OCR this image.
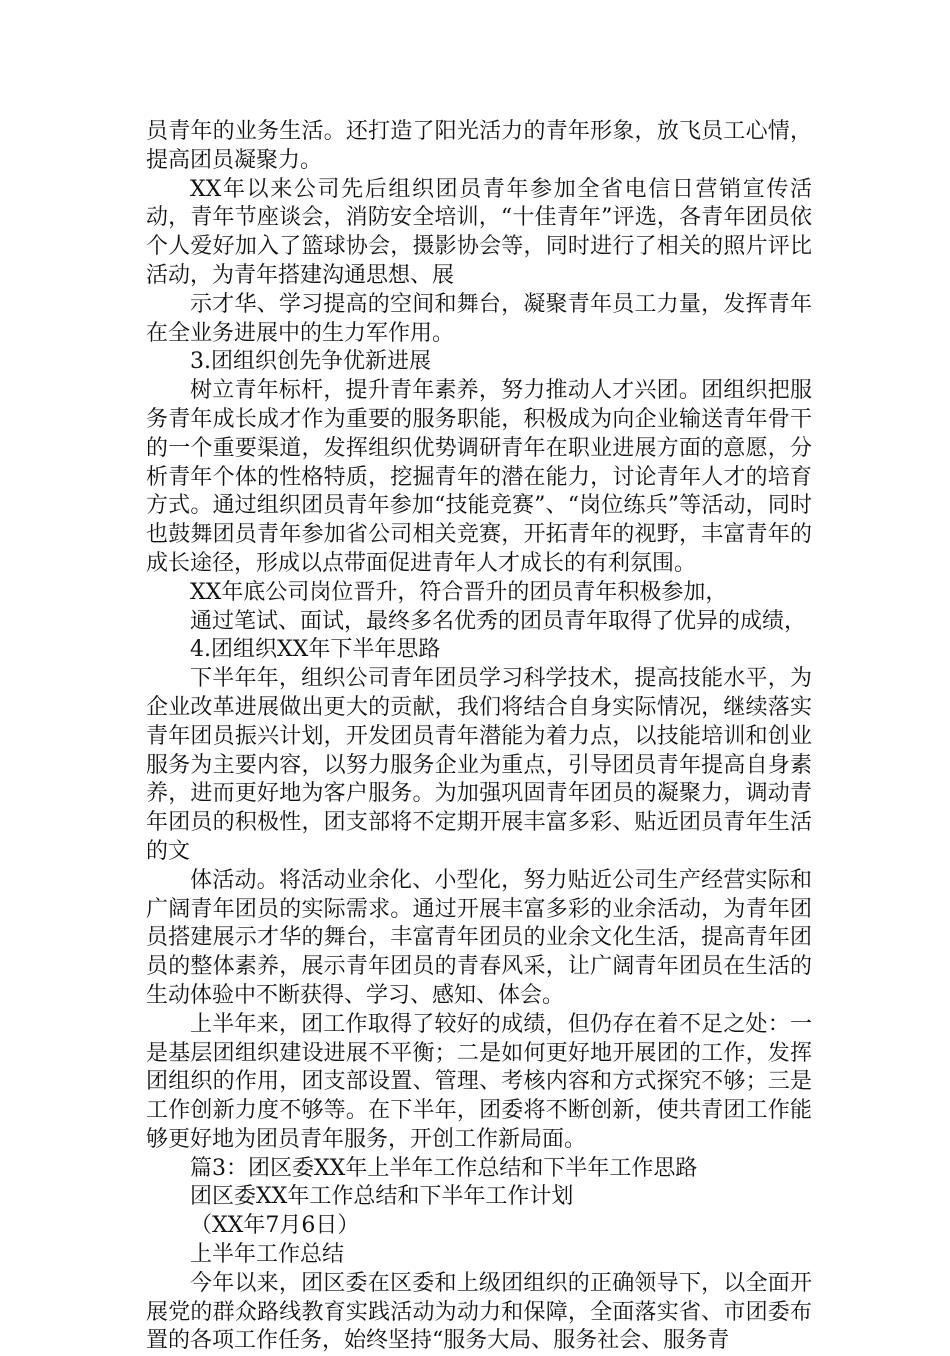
员青年的业务生活。还打造了阳光活力的青年形象，放飞员工心情，提高团员凝聚力。

XX年以来公司先后组织团员青年参加全省电信日营销宣传活动，青年节座谈会，消防安全培训，“十佳青年”评选，各青年团员依个人爱好加入了篮球协会，摄影协会等，同时进行了相关的照片评比活动，为青年搭建沟通思想、展

示才华、学习提高的空间和舞台，凝聚青年员工力量，发挥青年在全业务进展中的生力军作用。

3.团组织创先争优新进展

树立青年标杆，提升青年素养，努力推动人才兴团。团组织把服务青年成长成才作为重要的服务职能，积极成为向企业输送青年骨干的一个重要渠道，发挥组织优势调研青年在职业进展方面的意愿，分析青年个体的性格特质，挖掘青年的潜在能力，讨论青年人才的培育方式。通过组织团员青年参加“技能竞赛”、“岗位练兵”等活动，同时也鼓舞团员青年参加省公司相关竞赛，开拓青年的视野，丰富青年的成长途径，形成以点带面促进青年人才成长的有利氛围。

XX年底公司岗位晋升，符合晋升的团员青年积极参加，

通过笔试、面试，最终多名优秀的团员青年取得了优异的成绩，

4.团组织XX年下半年思路

下半年年，组织公司青年团员学习科学技术，提高技能水平，为企业改革进展做出更大的贡献，我们将结合自身实际情况，继续落实青年团员振兴计划，开发团员青年潜能为着力点，以技能培训和创业服务为主要内容，以努力服务企业为重点，引导团员青年提高自身素养，进而更好地为客户服务。为加强巩固青年团员的凝聚力，调动青年团员的积极性，团支部将不定期开展丰富多彩、贴近团员青年生活的文

体活动。将活动业余化、小型化，努力贴近公司生产经营实际和广阔青年团员的实际需求。通过开展丰富多彩的业余活动，为青年团员搭建展示才华的舞台，丰富青年团员的业余文化生活，提高青年团员的整体素养，展示青年团员的青春风采，让广阔青年团员在生活的生动体验中不断获得、学习、感知、体会。

上半年来，团工作取得了较好的成绩，但仍存在着不足之处：一是基层团组织建设进展不平衡；二是如何更好地开展团的工作，发挥团组织的作用，团支部设置、管理、考核内容和方式探究不够；三是工作创新力度不够等。在下半年，团委将不断创新，使共青团工作能够更好地为团员青年服务，开创工作新局面。

篇3：团区委XX年上半年工作总结和下半年工作思路

团区委XX年工作总结和下半年工作计划

（XX年7月6日）

上半年工作总结

今年以来，团区委在区委和上级团组织的正确领导下，以全面开展党的群众路线教育实践活动为动力和保障，全面落实省、市团委布置的各项工作任务，始终坚持“服务大局、服务社会、服务青
